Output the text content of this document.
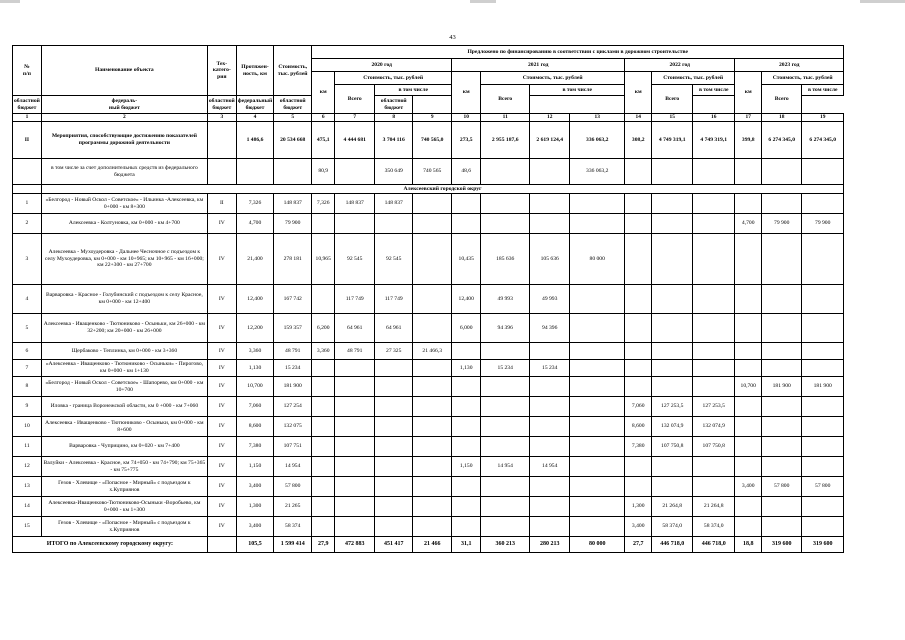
43
№
п/п	Наименование объекта	Тех-
катего-
рия	Протяжен-
ность, км	Стоимость,
тыс. рублей	Предложено по финансированию в соответствии с циклами в дорожном строительстве													
					2020 год				2021 год				2022 год			2023 год		
					км	Стоимость, тыс. рублей			км	Стоимость, тыс. рублей			км	Стоимость, тыс. рублей		км	Стоимость, тыс. рублей	
						Всего	в том числе			Всего	в том числе			Всего	в том числе		Всего	в том числе
областной
бюджет	федераль-
ный бюджет	областной
бюджет	федеральный
бюджет	областной
бюджет			областной
бюджет											
1	2	3	4	5	6	7	8	9	10	11	12	13	14	15	16	17	18	19
II	Мероприятия, способствующие достижению показателей программы дорожной деятельности		1 486,6	20 534 668	475,1	4 444 681	3 704 116	740 565,0	273,5	2 955 187,6	2 619 124,4	336 063,2	308,2	4 749 319,1	4 749 319,1	399,8	6 274 345,0	6 274 345,0
	в том числе за счет дополнительных средств из федерального бюджета				80,9		350 649	740 565	48,6			336 063,2						
	Алексеевский городской округ																	
1	«Белгород - Новый Оскол - Советское» - Ильинка -Алексеевка, км 0+000 - км 8+300	II	7,326	148 837	7,326	148 837	148 837											
2	Алексеевка - Колтуновка, км 0+000 - км 4+700	IV	4,700	79 900												4,700	79 900	79 900
3	Алексеевка - Мухоудеровка - Дальнее Чесночное с подъездом к селу Мухоудеровка, км 0+000 - км 10+965; км 10+965 - км 16+000; км 22+300 - км 27+700	IV	21,400	278 181	10,965	92 545	92 545		10,435	185 636	105 636	80 000						
4	Варваровка - Красное - Голубинский с подъездом к селу Красное, км 0+000 - км 12+400	IV	12,400	167 742		117 749	117 749		12,400	49 993	49 993							
5	Алексеевка - Иващенково - Тютюниково - Осыньки, км 26+000 - км 32+200; км 20+000 - км 26+000	IV	12,200	159 357	6,200	64 961	64 961		6,000	94 396	94 396							
6	Щербаково - Теплинка, км 0+000 - км 3+360	IV	3,360	48 791	3,360	48 791	27 325	21 466,3										
7	«Алексеевка - Иващенково - Тютюниково - Осыньки» - Пирогово, км 0+000 - км 1+130	IV	1,130	15 234					1,130	15 234	15 234							
8	«Белгород - Новый Оскол - Советское» - Шапорево, км 0+000 - км 10+700	IV	10,700	181 900												10,700	181 900	181 900
9	Иловка - граница Воронежской области, км 0 +000 - км 7+060	IV	7,060	127 254									7,060	127 253,5	127 253,5			
10	Алексеевка - Иващенково - Тютюниково - Осыньки, км 0+000 - км 8+600	IV	8,600	132 075									8,600	132 074,9	132 074,9			
11	Варваровка - Чуприцино, км 0+020 - км 7+400	IV	7,380	107 751									7,380	107 750,8	107 750,8			
12	Валуйки - Алексеевка - Красное, км 74+050 - км 74+790; км 75+365 - км 75+775	IV	1,150	14 954					1,150	14 954	14 954							
13	Гезов - Хлевище - «Попасное - Мирный» с подъездом к х.Куприянов	IV	3,400	57 800												3,400	57 800	57 800
14	Алексеевка-Иващенково-Тютюниково-Осыньки -Воробьево, км 0+000 - км 1+300	IV	1,300	21 265									1,300	21 264,8	21 264,8			
15	Гезов - Хлевище - «Попасное - Мирный» с подъездом к х.Куприянов	IV	3,400	58 374									3,400	58 374,0	58 374,0			
ИТОГО по Алексеевскому городскому округу:			105,5	1 599 414	27,9	472 883	451 417	21 466	31,1	360 213	280 213	80 000	27,7	446 718,0	446 718,0	18,8	319 600	319 600
